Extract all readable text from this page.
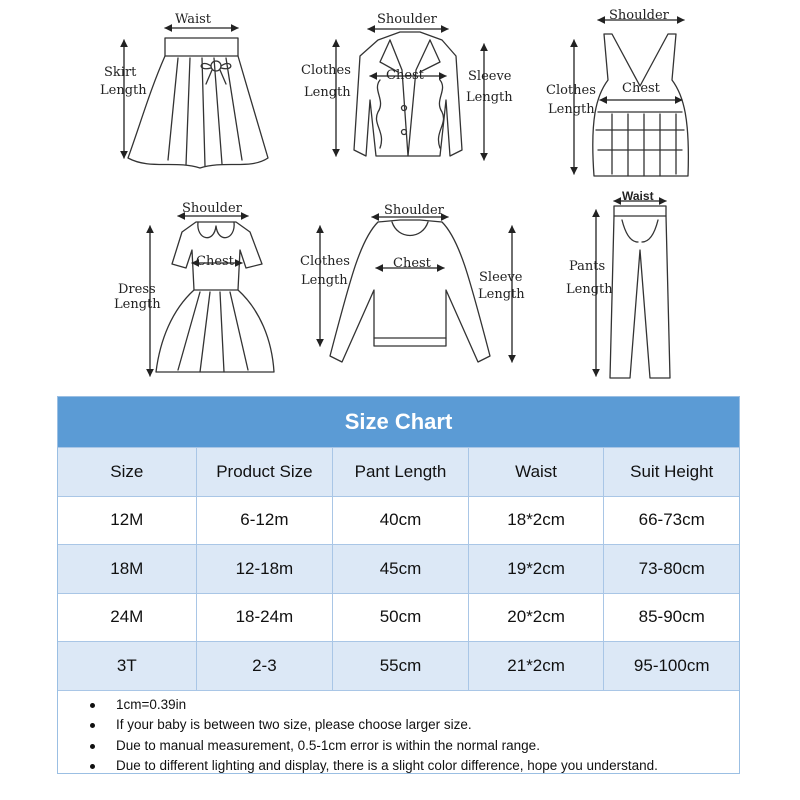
Waist
Skirt
Length
Shoulder
Chest
Clothes
Length
Sleeve
Length
Shoulder
Chest
Clothes
Length
Shoulder
Chest
Dress
Length
Shoulder
Chest
Clothes
Length	Sleeve
Length
Waist
Pants
Length
Size Chart
Size	Product Size	Pant Length	Waist	Suit Height
12M	6-12m	40cm	18*2cm	66-73cm
18M	12-18m	45cm	19*2cm	73-80cm
24M	18-24m	50cm	20*2cm	85-90cm
3T	2-3	55cm	21*2cm	95-100cm
1cm=0.39in
If your baby is between two size, please choose larger size.
Due to manual measurement, 0.5-1cm error is within the normal range.
Due to different lighting and display, there is a slight color difference, hope you understand.
